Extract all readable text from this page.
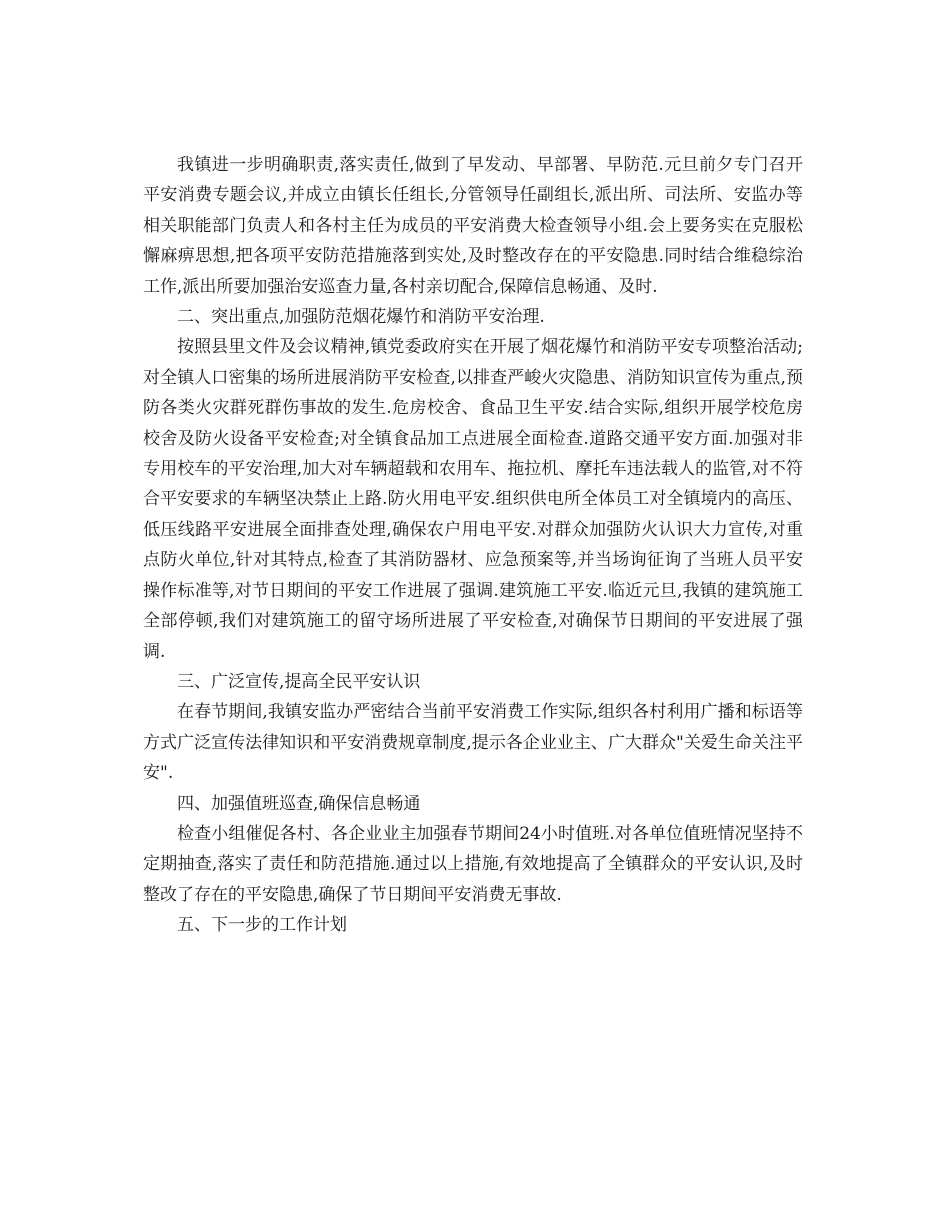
我镇进一步明确职责,落实责任,做到了早发动、早部署、早防范.元旦前夕专门召开平安消费专题会议,并成立由镇长任组长,分管领导任副组长,派出所、司法所、安监办等相关职能部门负责人和各村主任为成员的平安消费大检查领导小组.会上要务实在克服松懈麻痹思想,把各项平安防范措施落到实处,及时整改存在的平安隐患.同时结合维稳综治工作,派出所要加强治安巡查力量,各村亲切配合,保障信息畅通、及时.

二、突出重点,加强防范烟花爆竹和消防平安治理.

按照县里文件及会议精神,镇党委政府实在开展了烟花爆竹和消防平安专项整治活动;对全镇人口密集的场所进展消防平安检查,以排查严峻火灾隐患、消防知识宣传为重点,预防各类火灾群死群伤事故的发生.危房校舍、食品卫生平安.结合实际,组织开展学校危房校舍及防火设备平安检查;对全镇食品加工点进展全面检查.道路交通平安方面.加强对非专用校车的平安治理,加大对车辆超载和农用车、拖拉机、摩托车违法载人的监管,对不符合平安要求的车辆坚决禁止上路.防火用电平安.组织供电所全体员工对全镇境内的高压、低压线路平安进展全面排查处理,确保农户用电平安.对群众加强防火认识大力宣传,对重点防火单位,针对其特点,检查了其消防器材、应急预案等,并当场询征询了当班人员平安操作标准等,对节日期间的平安工作进展了强调.建筑施工平安.临近元旦,我镇的建筑施工全部停顿,我们对建筑施工的留守场所进展了平安检查,对确保节日期间的平安进展了强调.

三、广泛宣传,提高全民平安认识

在春节期间,我镇安监办严密结合当前平安消费工作实际,组织各村利用广播和标语等方式广泛宣传法律知识和平安消费规章制度,提示各企业业主、广大群众"关爱生命关注平安".

四、加强值班巡查,确保信息畅通

检查小组催促各村、各企业业主加强春节期间24小时值班.对各单位值班情况坚持不定期抽查,落实了责任和防范措施.通过以上措施,有效地提高了全镇群众的平安认识,及时整改了存在的平安隐患,确保了节日期间平安消费无事故.

五、下一步的工作计划
